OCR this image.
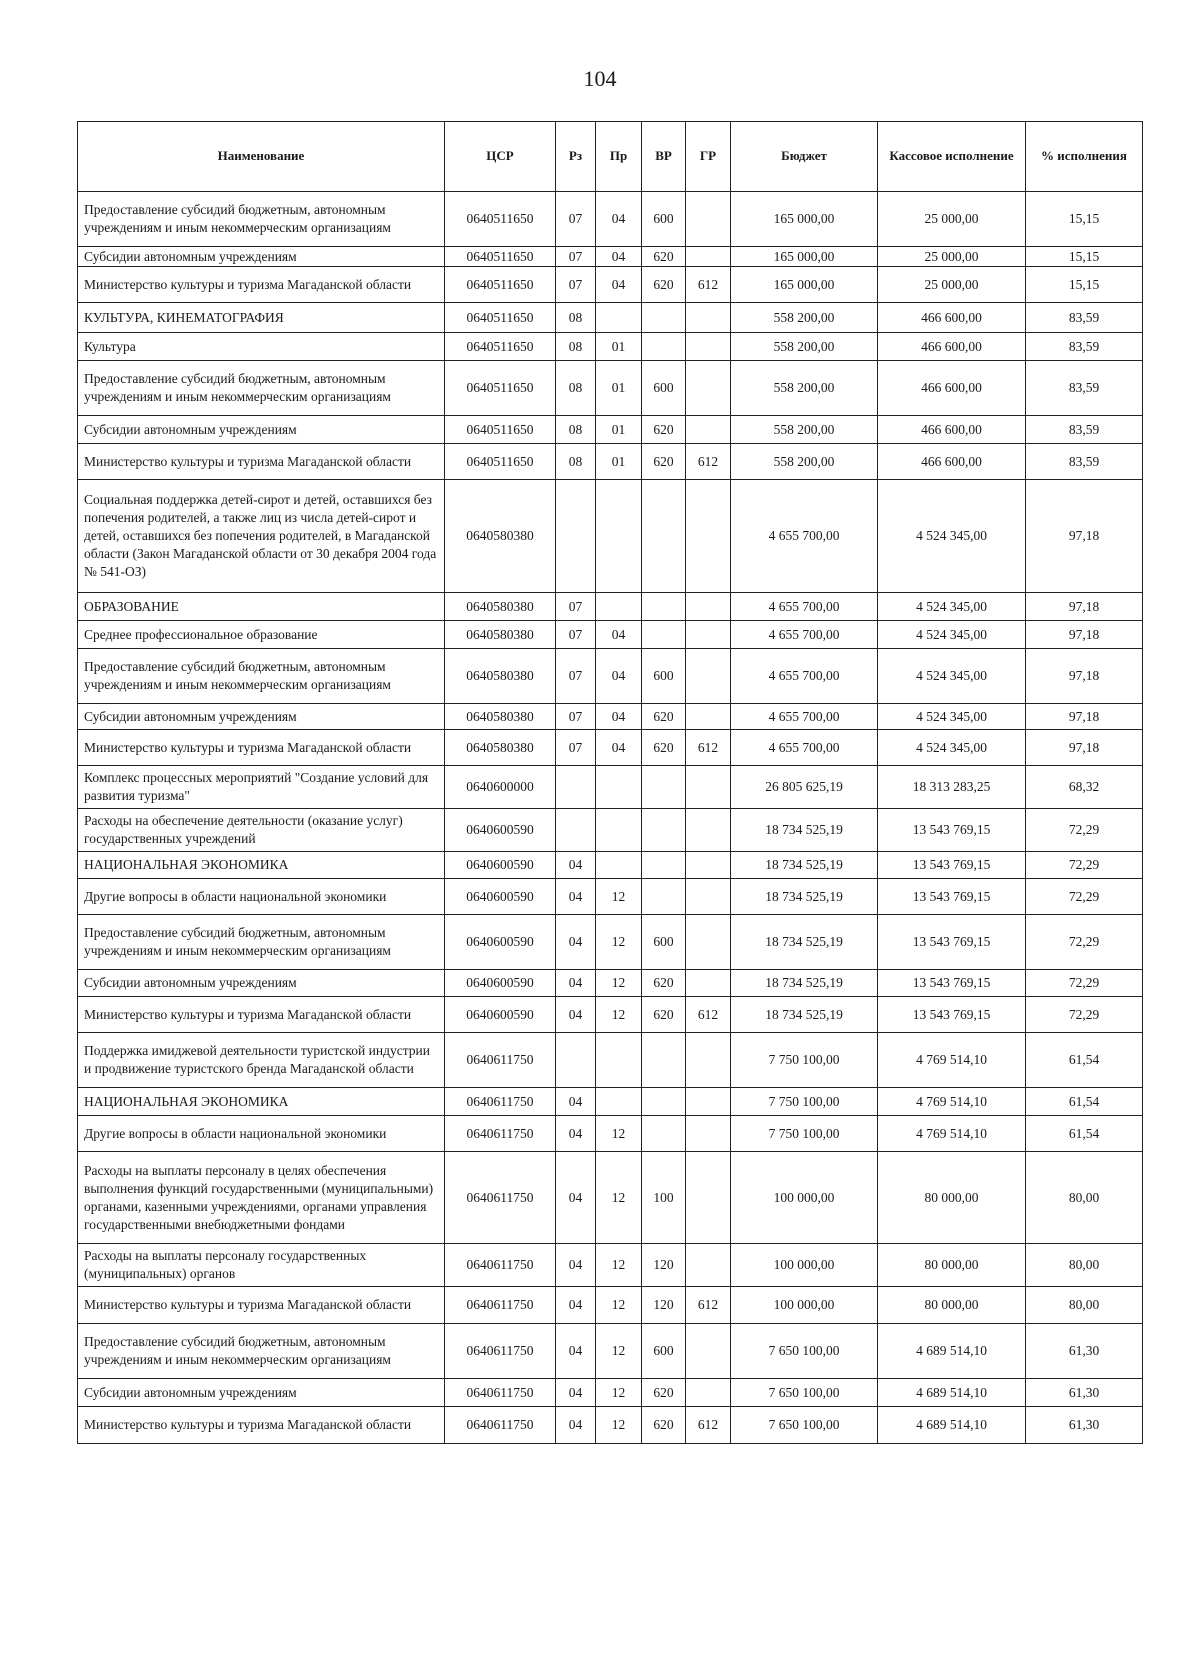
104
Наименование	ЦСР	Рз	Пр	ВР	ГР	Бюджет	Кассовое исполнение	% исполнения
Предоставление субсидий бюджетным, автономным учреждениям и иным некоммерческим организациям	0640511650	07	04	600		165 000,00	25 000,00	15,15
Субсидии автономным учреждениям	0640511650	07	04	620		165 000,00	25 000,00	15,15
Министерство культуры и туризма Магаданской области	0640511650	07	04	620	612	165 000,00	25 000,00	15,15
КУЛЬТУРА, КИНЕМАТОГРАФИЯ	0640511650	08				558 200,00	466 600,00	83,59
Культура	0640511650	08	01			558 200,00	466 600,00	83,59
Предоставление субсидий бюджетным, автономным учреждениям и иным некоммерческим организациям	0640511650	08	01	600		558 200,00	466 600,00	83,59
Субсидии автономным учреждениям	0640511650	08	01	620		558 200,00	466 600,00	83,59
Министерство культуры и туризма Магаданской области	0640511650	08	01	620	612	558 200,00	466 600,00	83,59
Социальная поддержка детей-сирот и детей, оставшихся без попечения родителей, а также лиц из числа детей-сирот и детей, оставшихся без попечения родителей, в Магаданской области (Закон Магаданской области от 30 декабря 2004 года № 541-ОЗ)	0640580380					4 655 700,00	4 524 345,00	97,18
ОБРАЗОВАНИЕ	0640580380	07				4 655 700,00	4 524 345,00	97,18
Среднее профессиональное образование	0640580380	07	04			4 655 700,00	4 524 345,00	97,18
Предоставление субсидий бюджетным, автономным учреждениям и иным некоммерческим организациям	0640580380	07	04	600		4 655 700,00	4 524 345,00	97,18
Субсидии автономным учреждениям	0640580380	07	04	620		4 655 700,00	4 524 345,00	97,18
Министерство культуры и туризма Магаданской области	0640580380	07	04	620	612	4 655 700,00	4 524 345,00	97,18
Комплекс процессных мероприятий "Создание условий для развития туризма"	0640600000					26 805 625,19	18 313 283,25	68,32
Расходы на обеспечение деятельности (оказание услуг) государственных учреждений	0640600590					18 734 525,19	13 543 769,15	72,29
НАЦИОНАЛЬНАЯ ЭКОНОМИКА	0640600590	04				18 734 525,19	13 543 769,15	72,29
Другие вопросы в области национальной экономики	0640600590	04	12			18 734 525,19	13 543 769,15	72,29
Предоставление субсидий бюджетным, автономным учреждениям и иным некоммерческим организациям	0640600590	04	12	600		18 734 525,19	13 543 769,15	72,29
Субсидии автономным учреждениям	0640600590	04	12	620		18 734 525,19	13 543 769,15	72,29
Министерство культуры и туризма Магаданской области	0640600590	04	12	620	612	18 734 525,19	13 543 769,15	72,29
Поддержка имиджевой деятельности туристской индустрии и продвижение туристского бренда Магаданской области	0640611750					7 750 100,00	4 769 514,10	61,54
НАЦИОНАЛЬНАЯ ЭКОНОМИКА	0640611750	04				7 750 100,00	4 769 514,10	61,54
Другие вопросы в области национальной экономики	0640611750	04	12			7 750 100,00	4 769 514,10	61,54
Расходы на выплаты персоналу в целях обеспечения выполнения функций государственными (муниципальными) органами, казенными учреждениями, органами управления государственными внебюджетными фондами	0640611750	04	12	100		100 000,00	80 000,00	80,00
Расходы на выплаты персоналу государственных (муниципальных) органов	0640611750	04	12	120		100 000,00	80 000,00	80,00
Министерство культуры и туризма Магаданской области	0640611750	04	12	120	612	100 000,00	80 000,00	80,00
Предоставление субсидий бюджетным, автономным учреждениям и иным некоммерческим организациям	0640611750	04	12	600		7 650 100,00	4 689 514,10	61,30
Субсидии автономным учреждениям	0640611750	04	12	620		7 650 100,00	4 689 514,10	61,30
Министерство культуры и туризма Магаданской области	0640611750	04	12	620	612	7 650 100,00	4 689 514,10	61,30
